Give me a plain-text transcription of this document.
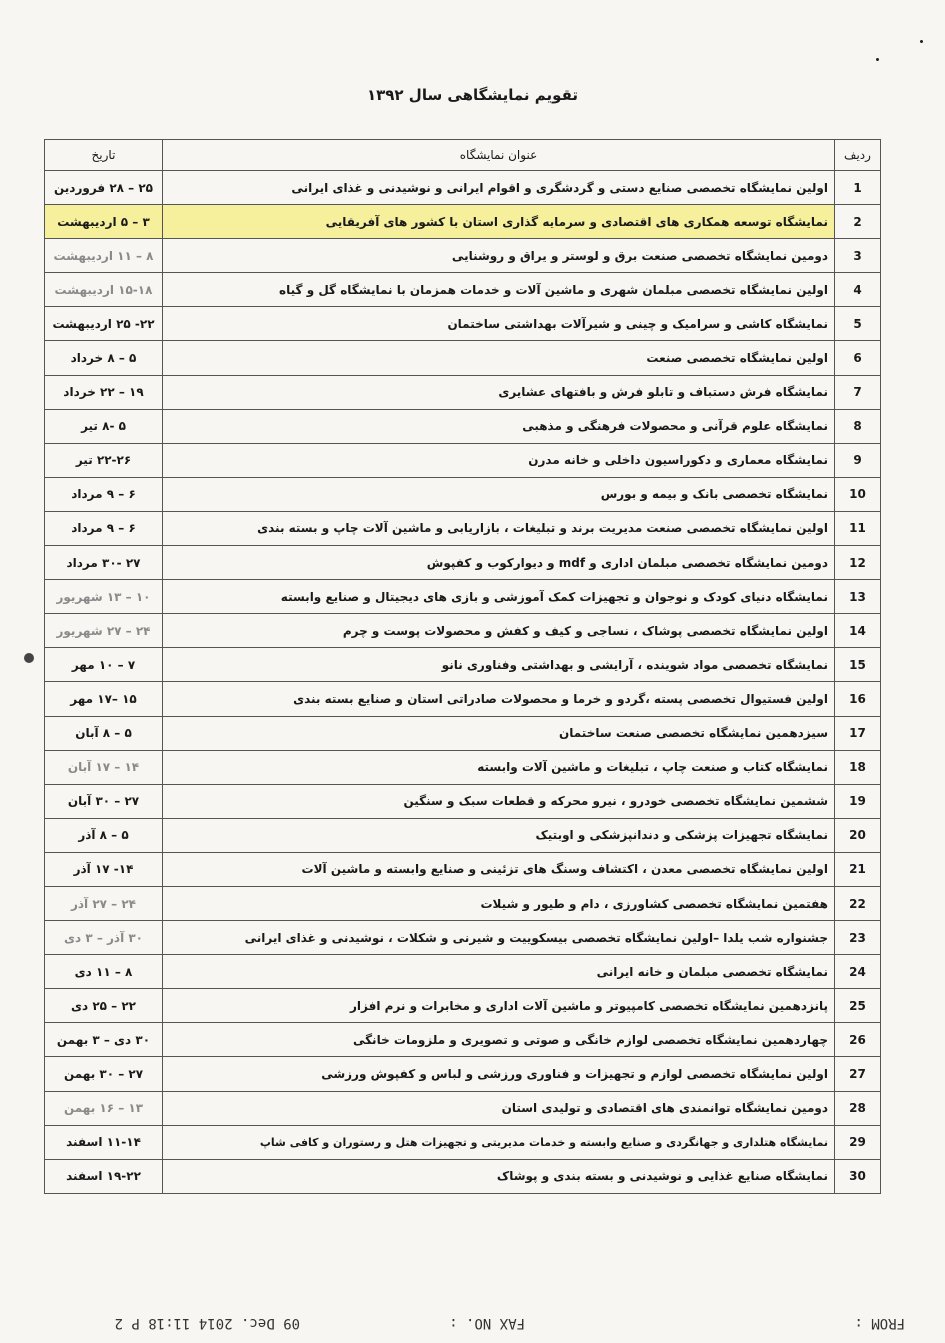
تقویم نمایشگاهی سال ۱۳۹۲
ردیف	عنوان نمایشگاه	تاریخ
1	اولین نمایشگاه تخصصی صنایع دستی و گردشگری و اقوام ایرانی و نوشیدنی و غذای ایرانی	۲۵ – ۲۸ فروردین
2	نمایشگاه توسعه همکاری های اقتصادی و سرمایه گذاری استان با کشور های آفریقایی	۳ – ۵ اردیبهشت
3	دومین نمایشگاه تخصصی صنعت برق و لوستر و یراق و روشنایی	۸ – ۱۱ اردیبهشت
4	اولین نمایشگاه تخصصی مبلمان شهری و ماشین آلات و خدمات همزمان با نمایشگاه گل و گیاه	۱۵-۱۸ اردیبهشت
5	نمایشگاه کاشی و سرامیک و چینی و شیرآلات بهداشتی ساختمان	۲۲- ۲۵ اردیبهشت
6	اولین نمایشگاه تخصصی صنعت	۵ – ۸ خرداد
7	نمایشگاه فرش دستباف و تابلو فرش و بافتهای عشایری	۱۹ – ۲۲ خرداد
8	نمایشگاه علوم قرآنی و محصولات فرهنگی و مذهبی	۵ -۸ تیر
9	نمایشگاه معماری و دکوراسیون داخلی و خانه مدرن	۲۲-۲۶ تیر
10	نمایشگاه تخصصی بانک و بیمه و بورس	۶ – ۹ مرداد
11	اولین نمایشگاه تخصصی صنعت مدیریت برند و تبلیغات ، بازاریابی و ماشین آلات چاپ و بسته بندی	۶ – ۹ مرداد
12	دومین نمایشگاه تخصصی مبلمان اداری و mdf و دیوارکوب و کفپوش	۲۷ -۳۰ مرداد
13	نمایشگاه دنیای کودک و نوجوان و تجهیزات کمک آموزشی و بازی های دیجیتال و صنایع وابسته	۱۰ – ۱۳ شهریور
14	اولین نمایشگاه تخصصی پوشاک ، نساجی و کیف و کفش و محصولات پوست و چرم	۲۴ – ۲۷ شهریور
15	نمایشگاه تخصصی مواد شوینده ، آرایشی و بهداشتی وفناوری نانو	۷ – ۱۰ مهر
16	اولین فستیوال تخصصی پسته ،گردو و خرما و محصولات صادراتی استان و صنایع بسته بندی	۱۵ –۱۷ مهر
17	سیزدهمین نمایشگاه تخصصی صنعت ساختمان	۵ – ۸ آبان
18	نمایشگاه کتاب و صنعت چاپ ، تبلیغات و ماشین آلات وابسته	۱۴ – ۱۷ آبان
19	ششمین نمایشگاه تخصصی خودرو ، نیرو محرکه و قطعات سبک و سنگین	۲۷ – ۳۰ آبان
20	نمایشگاه تجهیزات پزشکی و دندانپزشکی و اوبتیک	۵ – ۸ آذر
21	اولین نمایشگاه تخصصی معدن ، اکتشاف وسنگ های تزئینی و صنایع وابسته و ماشین آلات	۱۴- ۱۷ آذر
22	هفتمین نمایشگاه تخصصی کشاورزی ، دام و طیور و شیلات	۲۴ – ۲۷ آذر
23	جشنواره شب یلدا –اولین نمایشگاه تخصصی بیسکوییت و شیرنی و شکلات ، نوشیدنی و غذای ایرانی	۳۰ آذر – ۳ دی
24	نمایشگاه تخصصی مبلمان و خانه ایرانی	۸ – ۱۱ دی
25	پانزدهمین نمایشگاه تخصصی کامپیوتر و ماشین آلات اداری و مخابرات و نرم افزار	۲۲ – ۲۵ دی
26	چهاردهمین نمایشگاه تخصصی لوازم خانگی و صوتی و تصویری و ملزومات خانگی	۳۰ دی – ۳ بهمن
27	اولین نمایشگاه تخصصی لوازم و تجهیزات و فناوری ورزشی و لباس و کفپوش ورزشی	۲۷ – ۳۰ بهمن
28	دومین نمایشگاه توانمندی های اقتصادی و تولیدی استان	۱۳ – ۱۶ بهمن
29	نمایشگاه هتلداری و جهانگردی و صنایع وابسته و خدمات مدیریتی و تجهیزات هتل و رستوران و کافی شاپ	۱۱-۱۴ اسفند
30	نمایشگاه صنایع غذایی و نوشیدنی و بسته بندی و پوشاک	۱۹-۲۲ اسفند
FROM :
FAX NO. :
09 Dec. 2014 11:18 P 2
